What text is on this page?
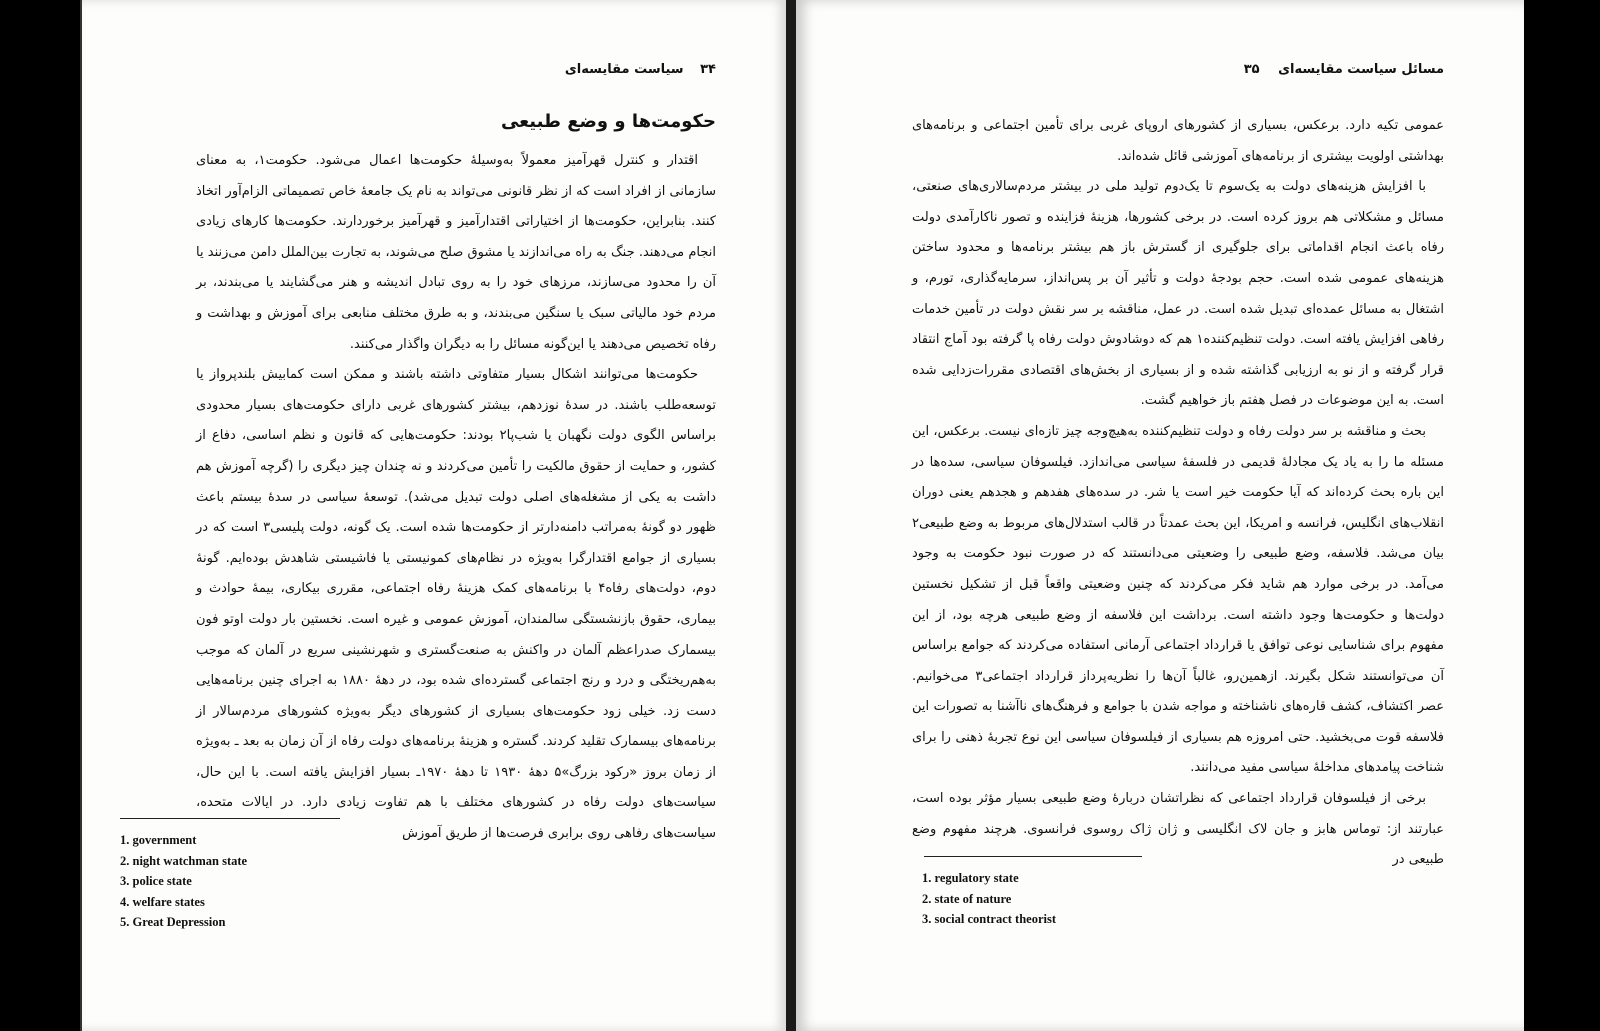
۳۴ سیاست مقایسه‌ای
حکومت‌ها و وضع طبیعی

اقتدار و کنترل قهرآمیز معمولاً به‌وسیلهٔ حکومت‌ها اعمال می‌شود. حکومت۱، به معنای سازمانی از افراد است که از نظر قانونی می‌تواند به نام یک جامعهٔ خاص تصمیماتی الزام‌آور اتخاذ کنند. بنابراین، حکومت‌ها از اختیاراتی اقتدارآمیز و قهرآمیز برخوردارند. حکومت‌ها کارهای زیادی انجام می‌دهند. جنگ به راه می‌اندازند یا مشوق صلح می‌شوند، به تجارت بین‌الملل دامن می‌زنند یا آن را محدود می‌سازند، مرزهای خود را به روی تبادل اندیشه و هنر می‌گشایند یا می‌بندند، بر مردم خود مالیاتی سبک یا سنگین می‌بندند، و به طرق مختلف منابعی برای آموزش و بهداشت و رفاه تخصیص می‌دهند یا این‌گونه مسائل را به دیگران واگذار می‌کنند.

حکومت‌ها می‌توانند اشکال بسیار متفاوتی داشته باشند و ممکن است کمابیش بلندپرواز یا توسعه‌طلب باشند. در سدهٔ نوزدهم، بیشتر کشورهای غربی دارای حکومت‌های بسیار محدودی براساس الگوی دولت نگهبان یا شب‌پا۲ بودند: حکومت‌هایی که قانون و نظم اساسی، دفاع از کشور، و حمایت از حقوق مالکیت را تأمین می‌کردند و نه چندان چیز دیگری را (گرچه آموزش هم داشت به یکی از مشغله‌های اصلی دولت تبدیل می‌شد). توسعهٔ سیاسی در سدهٔ بیستم باعث ظهور دو گونهٔ به‌مراتب دامنه‌دارتر از حکومت‌ها شده است. یک گونه، دولت پلیسی۳ است که در بسیاری از جوامع اقتدارگرا به‌ویژه در نظام‌های کمونیستی یا فاشیستی شاهدش بوده‌ایم. گونهٔ دوم، دولت‌های رفاه۴ با برنامه‌های کمک هزینهٔ رفاه اجتماعی، مقرری بیکاری، بیمهٔ حوادث و بیماری، حقوق بازنشستگی سالمندان، آموزش عمومی و غیره است. نخستین بار دولت اوتو فون بیسمارک صدراعظم آلمان در واکنش به صنعت‌گستری و شهرنشینی سریع در آلمان که موجب به‌هم‌ریختگی و درد و رنج اجتماعی گسترده‌ای شده بود، در دههٔ ۱۸۸۰ به اجرای چنین برنامه‌هایی دست زد. خیلی زود حکومت‌های بسیاری از کشورهای دیگر به‌ویژه کشورهای مردم‌سالار از برنامه‌های بیسمارک تقلید کردند. گستره و هزینهٔ برنامه‌های دولت رفاه از آن زمان به بعد ـ به‌ویژه از زمان بروز «رکود بزرگ»۵ دههٔ ۱۹۳۰ تا دههٔ ۱۹۷۰ـ بسیار افزایش یافته است. با این حال، سیاست‌های دولت رفاه در کشورهای مختلف با هم تفاوت زیادی دارد. در ایالات متحده، سیاست‌های رفاهی روی برابری فرصت‌ها از طریق آموزش

1. government
2. night watchman state
3. police state
4. welfare states
5. Great Depression
مسائل سیاست مقایسه‌ای ۳۵

عمومی تکیه دارد. برعکس، بسیاری از کشورهای اروپای غربی برای تأمین اجتماعی و برنامه‌های بهداشتی اولویت بیشتری از برنامه‌های آموزشی قائل شده‌اند.

با افزایش هزینه‌های دولت به یک‌سوم تا یک‌دوم تولید ملی در بیشتر مردم‌سالاری‌های صنعتی، مسائل و مشکلاتی هم بروز کرده است. در برخی کشورها، هزینهٔ فزاینده و تصور ناکارآمدی دولت رفاه باعث انجام اقداماتی برای جلوگیری از گسترش باز هم بیشتر برنامه‌ها و محدود ساختن هزینه‌های عمومی شده است. حجم بودجهٔ دولت و تأثیر آن بر پس‌انداز، سرمایه‌گذاری، تورم، و اشتغال به مسائل عمده‌ای تبدیل شده است. در عمل، مناقشه بر سر نقش دولت در تأمین خدمات رفاهی افزایش یافته است. دولت تنظیم‌کننده۱ هم که دوشادوش دولت رفاه پا گرفته بود آماج انتقاد قرار گرفته و از نو به ارزیابی گذاشته شده و از بسیاری از بخش‌های اقتصادی مقررات‌زدایی شده است. به این موضوعات در فصل هفتم باز خواهیم گشت.

بحث و مناقشه بر سر دولت رفاه و دولت تنظیم‌کننده به‌هیچ‌وجه چیز تازه‌ای نیست. برعکس، این مسئله ما را به یاد یک مجادلهٔ قدیمی در فلسفهٔ سیاسی می‌اندازد. فیلسوفان سیاسی، سده‌ها در این باره بحث کرده‌اند که آیا حکومت خیر است یا شر. در سده‌های هفدهم و هجدهم یعنی دوران انقلاب‌های انگلیس، فرانسه و امریکا، این بحث عمدتاً در قالب استدلال‌های مربوط به وضع طبیعی۲ بیان می‌شد. فلاسفه، وضع طبیعی را وضعیتی می‌دانستند که در صورت نبود حکومت به وجود می‌آمد. در برخی موارد هم شاید فکر می‌کردند که چنین وضعیتی واقعاً قبل از تشکیل نخستین دولت‌ها و حکومت‌ها وجود داشته است. برداشت این فلاسفه از وضع طبیعی هرچه بود، از این مفهوم برای شناسایی نوعی توافق یا قرارداد اجتماعی آرمانی استفاده می‌کردند که جوامع براساس آن می‌توانستند شکل بگیرند. ازهمین‌رو، غالباً آن‌ها را نظریه‌پرداز قرارداد اجتماعی۳ می‌خوانیم. عصر اکتشاف، کشف قاره‌های ناشناخته و مواجه شدن با جوامع و فرهنگ‌های ناآشنا به تصورات این فلاسفه قوت می‌بخشید. حتی امروزه هم بسیاری از فیلسوفان سیاسی این نوع تجربهٔ ذهنی را برای شناخت پیامدهای مداخلهٔ سیاسی مفید می‌دانند.

برخی از فیلسوفان قرارداد اجتماعی که نظراتشان دربارهٔ وضع طبیعی بسیار مؤثر بوده است، عبارتند از: توماس هابز و جان لاک انگلیسی و ژان ژاک روسوی فرانسوی. هرچند مفهوم وضع طبیعی در

1. regulatory state
2. state of nature
3. social contract theorist
